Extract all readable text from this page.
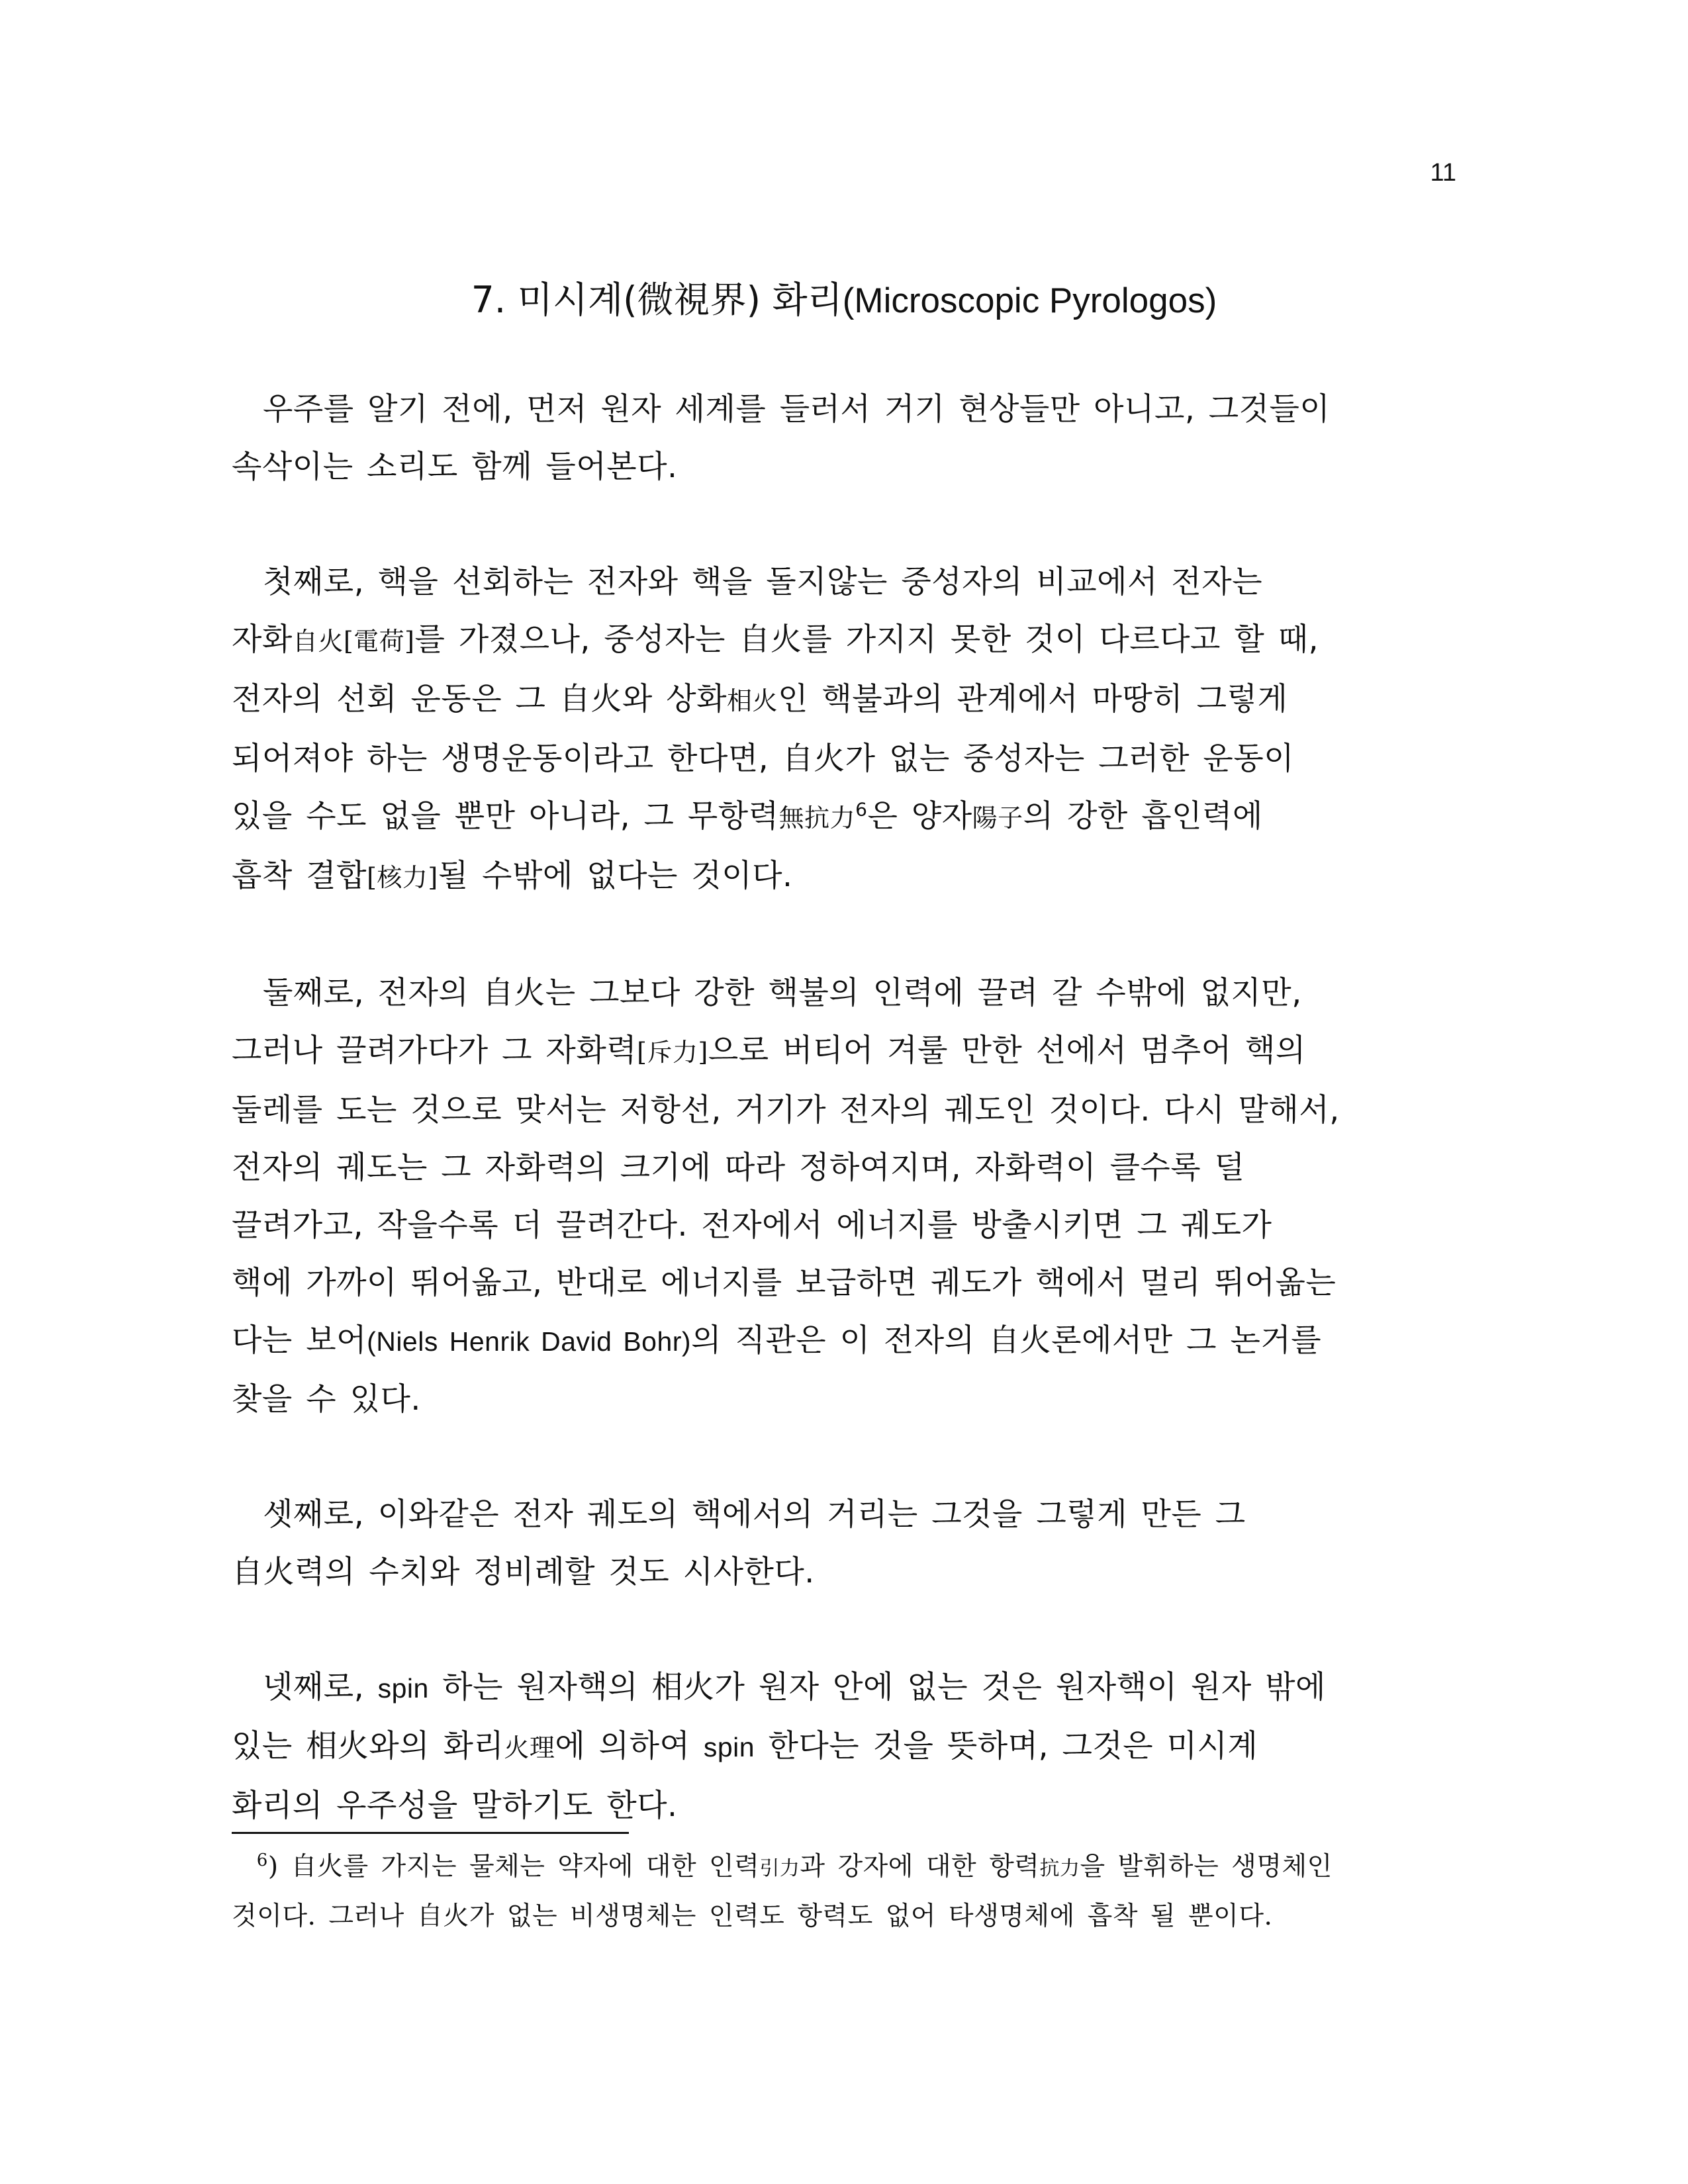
11
7. 미시계(微視界) 화리(Microscopic Pyrologos)
우주를 알기 전에, 먼저 원자 세계를 들러서 거기 현상들만 아니고, 그것들이
속삭이는 소리도 함께 들어본다.
첫째로, 핵을 선회하는 전자와 핵을 돌지않는 중성자의 비교에서 전자는
자화自火[電荷]를 가졌으나, 중성자는 自火를 가지지 못한 것이 다르다고 할 때,
전자의 선회 운동은 그 自火와 상화相火인 핵불과의 관계에서 마땅히 그렇게
되어져야 하는 생명운동이라고 한다면, 自火가 없는 중성자는 그러한 운동이
있을 수도 없을 뿐만 아니라, 그 무항력無抗力$^6$은 양자陽子의 강한 흡인력에
흡착 결합[核力]될 수밖에 없다는 것이다.
둘째로, 전자의 自火는 그보다 강한 핵불의 인력에 끌려 갈 수밖에 없지만,
그러나 끌려가다가 그 자화력[斥力]으로 버티어 겨룰 만한 선에서 멈추어 핵의
둘레를 도는 것으로 맞서는 저항선, 거기가 전자의 궤도인 것이다. 다시 말해서,
전자의 궤도는 그 자화력의 크기에 따라 정하여지며, 자화력이 클수록 덜
끌려가고, 작을수록 더 끌려간다. 전자에서 에너지를 방출시키면 그 궤도가
핵에 가까이 뛰어옮고, 반대로 에너지를 보급하면 궤도가 핵에서 멀리 뛰어옮는
다는 보어(Niels Henrik David Bohr)의 직관은 이 전자의 自火론에서만 그 논거를
찾을 수 있다.
셋째로, 이와같은 전자 궤도의 핵에서의 거리는 그것을 그렇게 만든 그
自火력의 수치와 정비례할 것도 시사한다.
넷째로, spin 하는 원자핵의 相火가 원자 안에 없는 것은 원자핵이 원자 밖에
있는 相火와의 화리火理에 의하여 spin 한다는 것을 뜻하며, 그것은 미시계
화리의 우주성을 말하기도 한다.
$^6$) 自火를 가지는 물체는 약자에 대한 인력引力과 강자에 대한 항력抗力을 발휘하는 생명체인
것이다. 그러나 自火가 없는 비생명체는 인력도 항력도 없어 타생명체에 흡착 될 뿐이다.
